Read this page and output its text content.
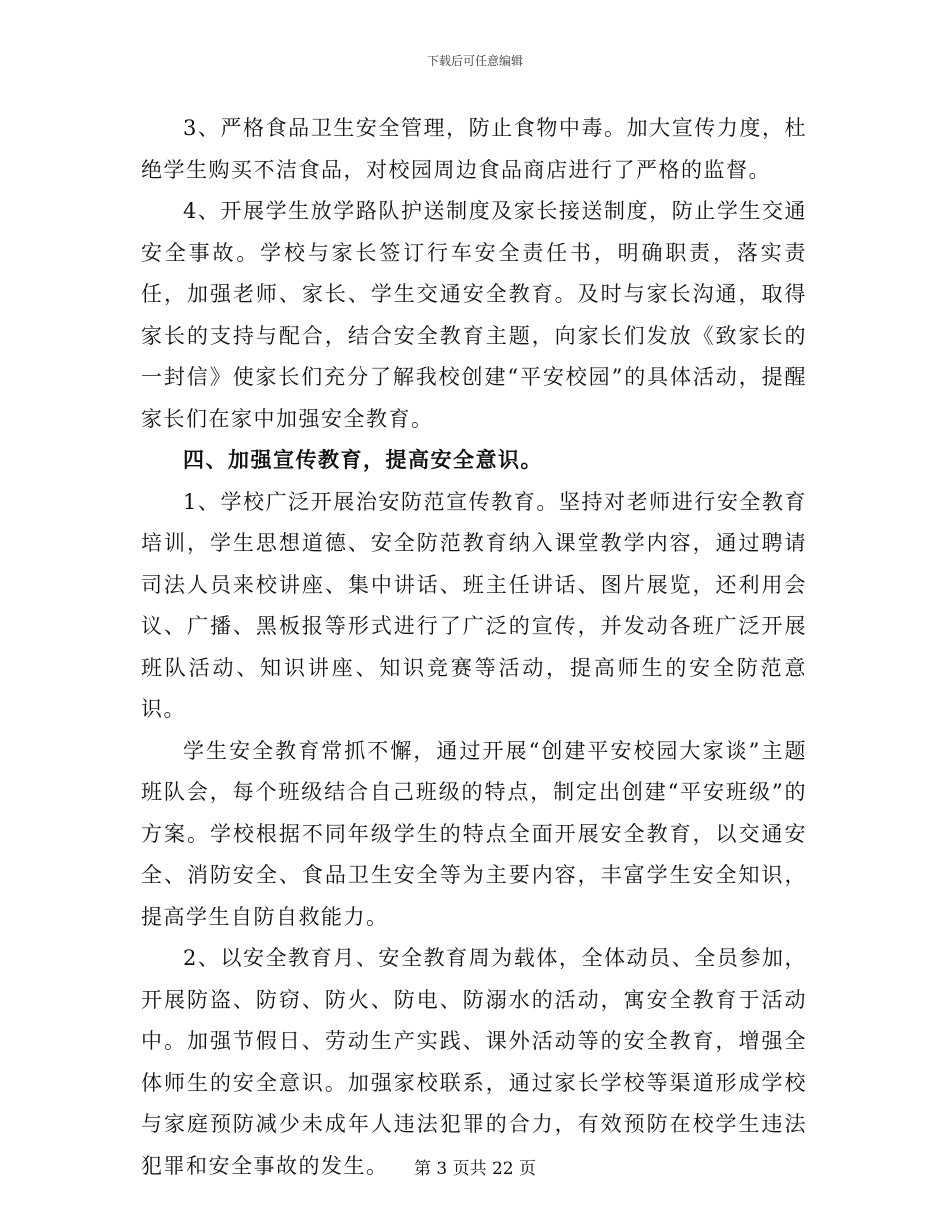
下载后可任意编辑

3、严格食品卫生安全管理，防止食物中毒。加大宣传力度，杜绝学生购买不洁食品，对校园周边食品商店进行了严格的监督。

4、开展学生放学路队护送制度及家长接送制度，防止学生交通安全事故。学校与家长签订行车安全责任书，明确职责，落实责任，加强老师、家长、学生交通安全教育。及时与家长沟通，取得家长的支持与配合，结合安全教育主题，向家长们发放《致家长的一封信》使家长们充分了解我校创建“平安校园”的具体活动，提醒家长们在家中加强安全教育。

四、加强宣传教育，提高安全意识。

1、学校广泛开展治安防范宣传教育。坚持对老师进行安全教育培训，学生思想道德、安全防范教育纳入课堂教学内容，通过聘请司法人员来校讲座、集中讲话、班主任讲话、图片展览，还利用会议、广播、黑板报等形式进行了广泛的宣传，并发动各班广泛开展班队活动、知识讲座、知识竞赛等活动，提高师生的安全防范意识。

学生安全教育常抓不懈，通过开展“创建平安校园大家谈”主题班队会，每个班级结合自己班级的特点，制定出创建“平安班级”的方案。学校根据不同年级学生的特点全面开展安全教育，以交通安全、消防安全、食品卫生安全等为主要内容，丰富学生安全知识，提高学生自防自救能力。

2、以安全教育月、安全教育周为载体，全体动员、全员参加，开展防盗、防窃、防火、防电、防溺水的活动，寓安全教育于活动中。加强节假日、劳动生产实践、课外活动等的安全教育，增强全体师生的安全意识。加强家校联系，通过家长学校等渠道形成学校与家庭预防减少未成年人违法犯罪的合力，有效预防在校学生违法犯罪和安全事故的发生。	第 3 页共 22 页
